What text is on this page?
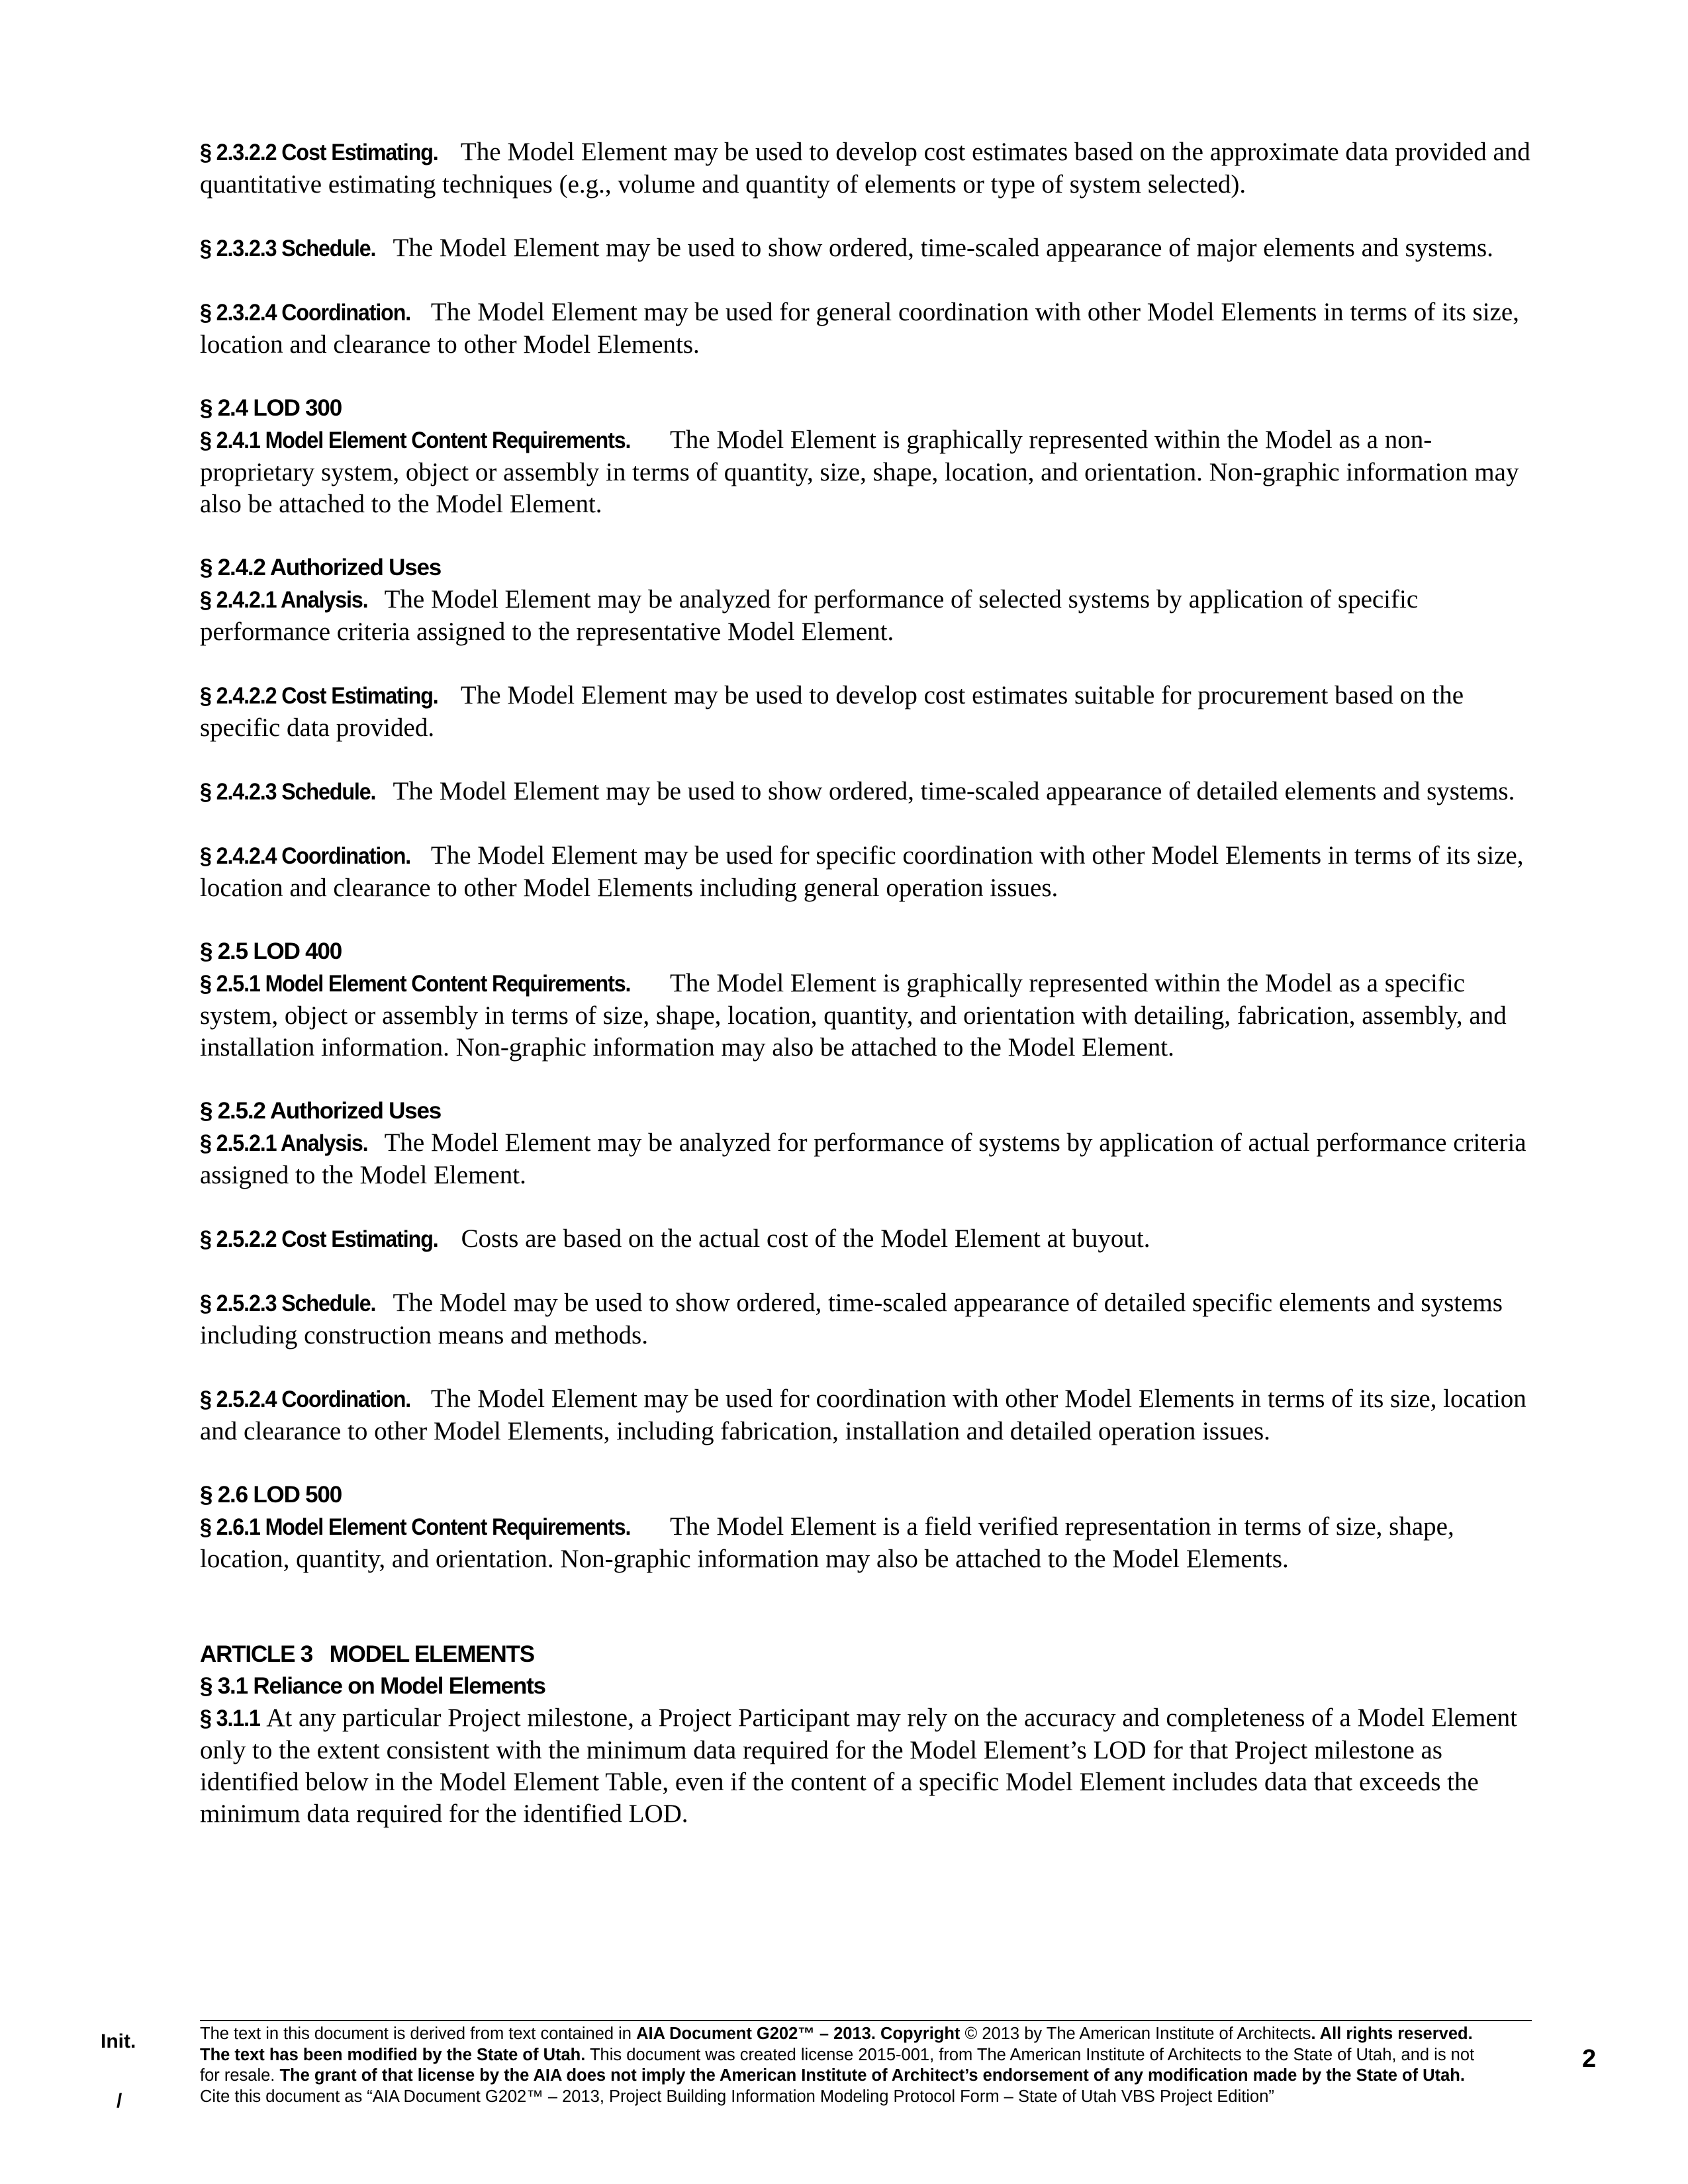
§ 2.3.2.2 Cost Estimating. The Model Element may be used to develop cost estimates based on the approximate data provided and quantitative estimating techniques (e.g., volume and quantity of elements or type of system selected).

§ 2.3.2.3 Schedule. The Model Element may be used to show ordered, time-scaled appearance of major elements and systems.

§ 2.3.2.4 Coordination. The Model Element may be used for general coordination with other Model Elements in terms of its size, location and clearance to other Model Elements.

§ 2.4 LOD 300
§ 2.4.1 Model Element Content Requirements. The Model Element is graphically represented within the Model as a non-proprietary system, object or assembly in terms of quantity, size, shape, location, and orientation. Non-graphic information may also be attached to the Model Element.

§ 2.4.2 Authorized Uses
§ 2.4.2.1 Analysis. The Model Element may be analyzed for performance of selected systems by application of specific performance criteria assigned to the representative Model Element.

§ 2.4.2.2 Cost Estimating. The Model Element may be used to develop cost estimates suitable for procurement based on the specific data provided.

§ 2.4.2.3 Schedule. The Model Element may be used to show ordered, time-scaled appearance of detailed elements and systems.

§ 2.4.2.4 Coordination. The Model Element may be used for specific coordination with other Model Elements in terms of its size, location and clearance to other Model Elements including general operation issues.

§ 2.5 LOD 400
§ 2.5.1 Model Element Content Requirements. The Model Element is graphically represented within the Model as a specific system, object or assembly in terms of size, shape, location, quantity, and orientation with detailing, fabrication, assembly, and installation information. Non-graphic information may also be attached to the Model Element.

§ 2.5.2 Authorized Uses
§ 2.5.2.1 Analysis. The Model Element may be analyzed for performance of systems by application of actual performance criteria assigned to the Model Element.

§ 2.5.2.2 Cost Estimating. Costs are based on the actual cost of the Model Element at buyout.

§ 2.5.2.3 Schedule. The Model may be used to show ordered, time-scaled appearance of detailed specific elements and systems including construction means and methods.

§ 2.5.2.4 Coordination. The Model Element may be used for coordination with other Model Elements in terms of its size, location and clearance to other Model Elements, including fabrication, installation and detailed operation issues.

§ 2.6 LOD 500
§ 2.6.1 Model Element Content Requirements. The Model Element is a field verified representation in terms of size, shape, location, quantity, and orientation. Non-graphic information may also be attached to the Model Elements.

ARTICLE 3   MODEL ELEMENTS
§ 3.1 Reliance on Model Elements
§ 3.1.1 At any particular Project milestone, a Project Participant may rely on the accuracy and completeness of a Model Element only to the extent consistent with the minimum data required for the Model Element’s LOD for that Project milestone as identified below in the Model Element Table, even if the content of a specific Model Element includes data that exceeds the minimum data required for the identified LOD.

Init.
/
The text in this document is derived from text contained in AIA Document G202™ – 2013. Copyright © 2013 by The American Institute of Architects. All rights reserved. The text has been modified by the State of Utah. This document was created license 2015-001, from The American Institute of Architects to the State of Utah, and is not for resale. The grant of that license by the AIA does not imply the American Institute of Architect’s endorsement of any modification made by the State of Utah. Cite this document as “AIA Document G202™ – 2013, Project Building Information Modeling Protocol Form – State of Utah VBS Project Edition”
2
